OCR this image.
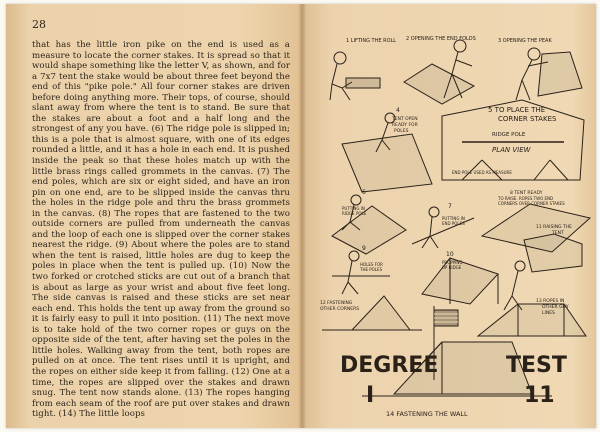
28

that has the little iron pike on the end is used as a measure to locate the corner stakes. It is spread so that it would shape something like the letter V, as shown, and for a 7x7 tent the stake would be about three feet beyond the end of this "pike pole." All four corner stakes are driven before doing anything more. Their tops, of course, should slant away from where the tent is to stand. Be sure that the stakes are about a foot and a half long and the strongest of any you have. (6) The ridge pole is slipped in; this is a pole that is almost square, with one of its edges rounded a little, and it has a hole in each end. It is pushed inside the peak so that these holes match up with the little brass rings called grommets in the canvas. (7) The end poles, which are six or eight sided, and have an iron pin on one end, are to be slipped inside the canvas thru the holes in the ridge pole and thru the brass grommets in the canvas. (8) The ropes that are fastened to the two outside corners are pulled from underneath the canvas and the loop of each one is slipped over the corner stakes nearest the ridge. (9) About where the poles are to stand when the tent is raised, little holes are dug to keep the poles in place when the tent is pulled up. (10) Now the two forked or crotched sticks are cut out of a branch that is about as large as your wrist and about five feet long. The side canvas is raised and these sticks are set near each end. This holds the tent up away from the ground so it is fairly easy to pull it into position. (11) The next move is to take hold of the two corner ropes or guys on the opposite side of the tent, after having set the poles in the little holes. Walking away from the tent, both ropes are pulled on at once. The tent rises until it is upright, and the ropes on either side keep it from falling. (12) One at a time, the ropes are slipped over the stakes and drawn snug. The tent now stands alone. (13) The ropes hanging from each seam of the roof are put over stakes and drawn tight. (14) The little loops

1 LIFTING THE ROLL 2 OPENING THE END FOLDS	3 OPENING THE PEAK
4
TENT OPEN
READY FOR
POLES
5 TO PLACE THE
CORNER STAKES
RIDGE POLE
PLAN VIEW
END POLE USED AS MEASURE
6
PUTTING IN
RIDGE POLE
7
PUTTING IN
END POLES
8 TENT READY
TO RAISE. ROPES TWO END
CORNERS OVER CORNER STAKES
9
HOLES FOR
THE POLES
10
PROPPING
UP RIDGE
11 RAISING THE
TENT
12 FASTENING
OTHER CORNERS
13 ROPES IN
OTHER GUY
LINES
DEGREE
I
TEST
11
14 FASTENING THE WALL
